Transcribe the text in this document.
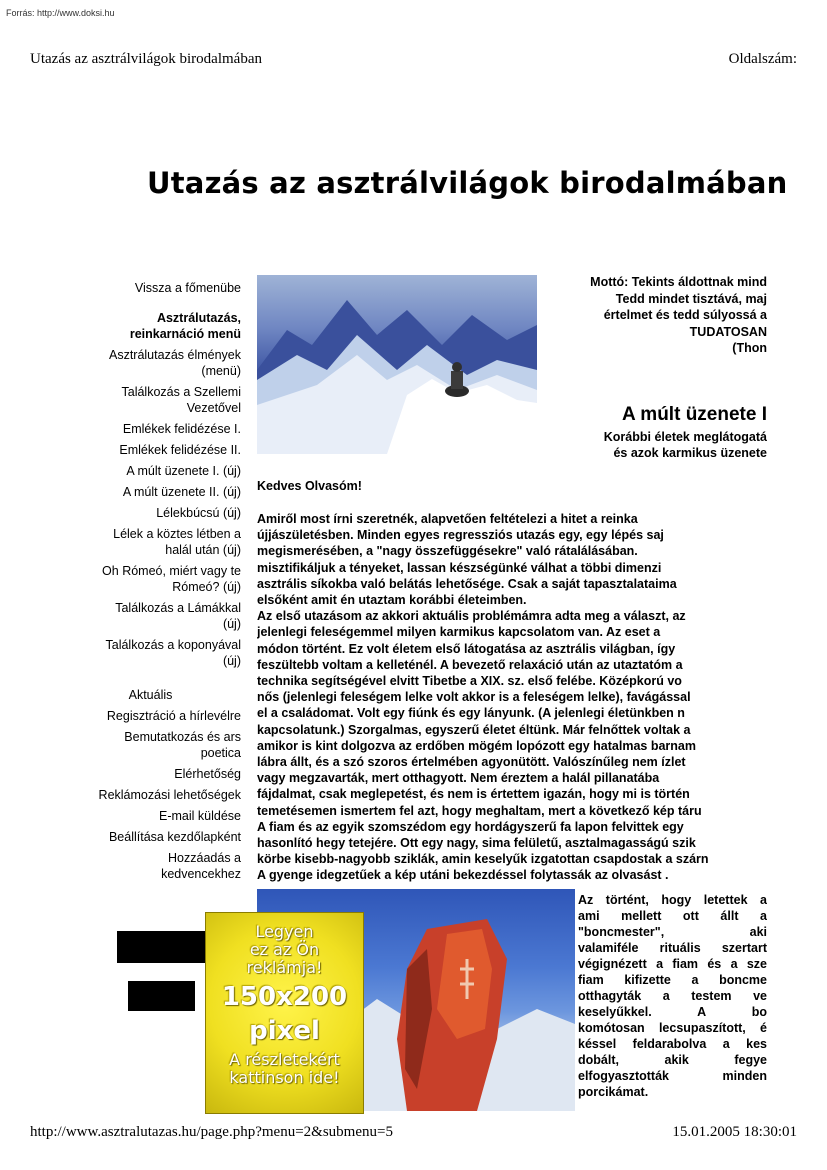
Forrás: http://www.doksi.hu
Utazás az asztrálvilágok birodalmában	Oldalszám:
Utazás az asztrálvilágok birodalmában
Vissza a főmenübe
Asztrálutazás,
reinkarnáció menü
Asztrálutazás élmények
(menü)
Találkozás a Szellemi
Vezetővel
Emlékek felidézése I.
Emlékek felidézése II.
A múlt üzenete I. (új)
A múlt üzenete II. (új)
Lélekbúcsú (új)
Lélek a köztes létben a
halál után (új)
Oh Rómeó, miért vagy te
Rómeó? (új)
Találkozás a Lámákkal
(új)
Találkozás a koponyával
(új)
Aktuális
Regisztráció a hírlevélre
Bemutatkozás és ars
poetica
Elérhetőség
Reklámozási lehetőségek
E-mail küldése
Beállítása kezdőlapként
Hozzáadás a
kedvencekhez
Mottó: Tekints áldottnak mind
Tedd mindet tisztává, maj
értelmet és tedd súlyossá a
TUDATOSAN
(Thon
A múlt üzenete I
Korábbi életek meglátogatá
és azok karmikus üzenete
Kedves Olvasóm!

Amiről most írni szeretnék, alapvetően feltételezi a hitet a reinka

újjászületésben. Minden egyes regressziós utazás egy, egy lépés saj

megismerésében, a "nagy összefüggésekre" való rátalálásában.

misztifikáljuk a tényeket, lassan készségünké válhat a többi dimenzi

asztrális síkokba való belátás lehetősége. Csak a saját tapasztalataima

elsőként amit én utaztam korábbi életeimben.

Az első utazásom az akkori aktuális problémámra adta meg a választ, az

jelenlegi feleségemmel milyen karmikus kapcsolatom van. Az eset a

módon történt. Ez volt életem első látogatása az asztrális világban, így

feszültebb voltam a kelleténél. A bevezető relaxáció után az utaztatóm a

technika segítségével elvitt Tibetbe a XIX. sz. első felébe. Középkorú vo

nős (jelenlegi feleségem lelke volt akkor is a feleségem lelke), favágással

el a családomat. Volt egy fiúnk és egy lányunk. (A jelenlegi életünkben n

kapcsolatunk.) Szorgalmas, egyszerű életet éltünk. Már felnőttek voltak a

amikor is kint dolgozva az erdőben mögém lopózott egy hatalmas barnam

lábra állt, és a szó szoros értelmében agyonütött. Valószínűleg nem ízlet

vagy megzavarták, mert otthagyott. Nem éreztem a halál pillanatába

fájdalmat, csak meglepetést, és nem is értettem igazán, hogy mi is történ

temetésemen ismertem fel azt, hogy meghaltam, mert a következő kép táru

A fiam és az egyik szomszédom egy hordágyszerű fa lapon felvittek egy

hasonlító hegy tetejére. Ott egy nagy, sima felületű, asztalmagasságú szik

körbe kisebb-nagyobb sziklák, amin keselyűk izgatottan csapdostak a szárn

A gyenge idegzetűek a kép utáni bekezdéssel folytassák az olvasást .

Legyen
ez az Ön
reklámja!
150x200
pixel
A részletekért
kattinson ide!

Az történt, hogy letettek a

ami mellett ott állt a

"boncmester", aki

valamiféle rituális szertart

végignézett a fiam és a sze

fiam kifizette a boncme

otthagyták a testem ve

keselyűkkel. A bo

komótosan lecsupaszított, é

késsel feldarabolva a kes

dobált, akik fegye

elfogyasztották minden

porcikámat.

http://www.asztralutazas.hu/page.php?menu=2&submenu=5	15.01.2005 18:30:01
